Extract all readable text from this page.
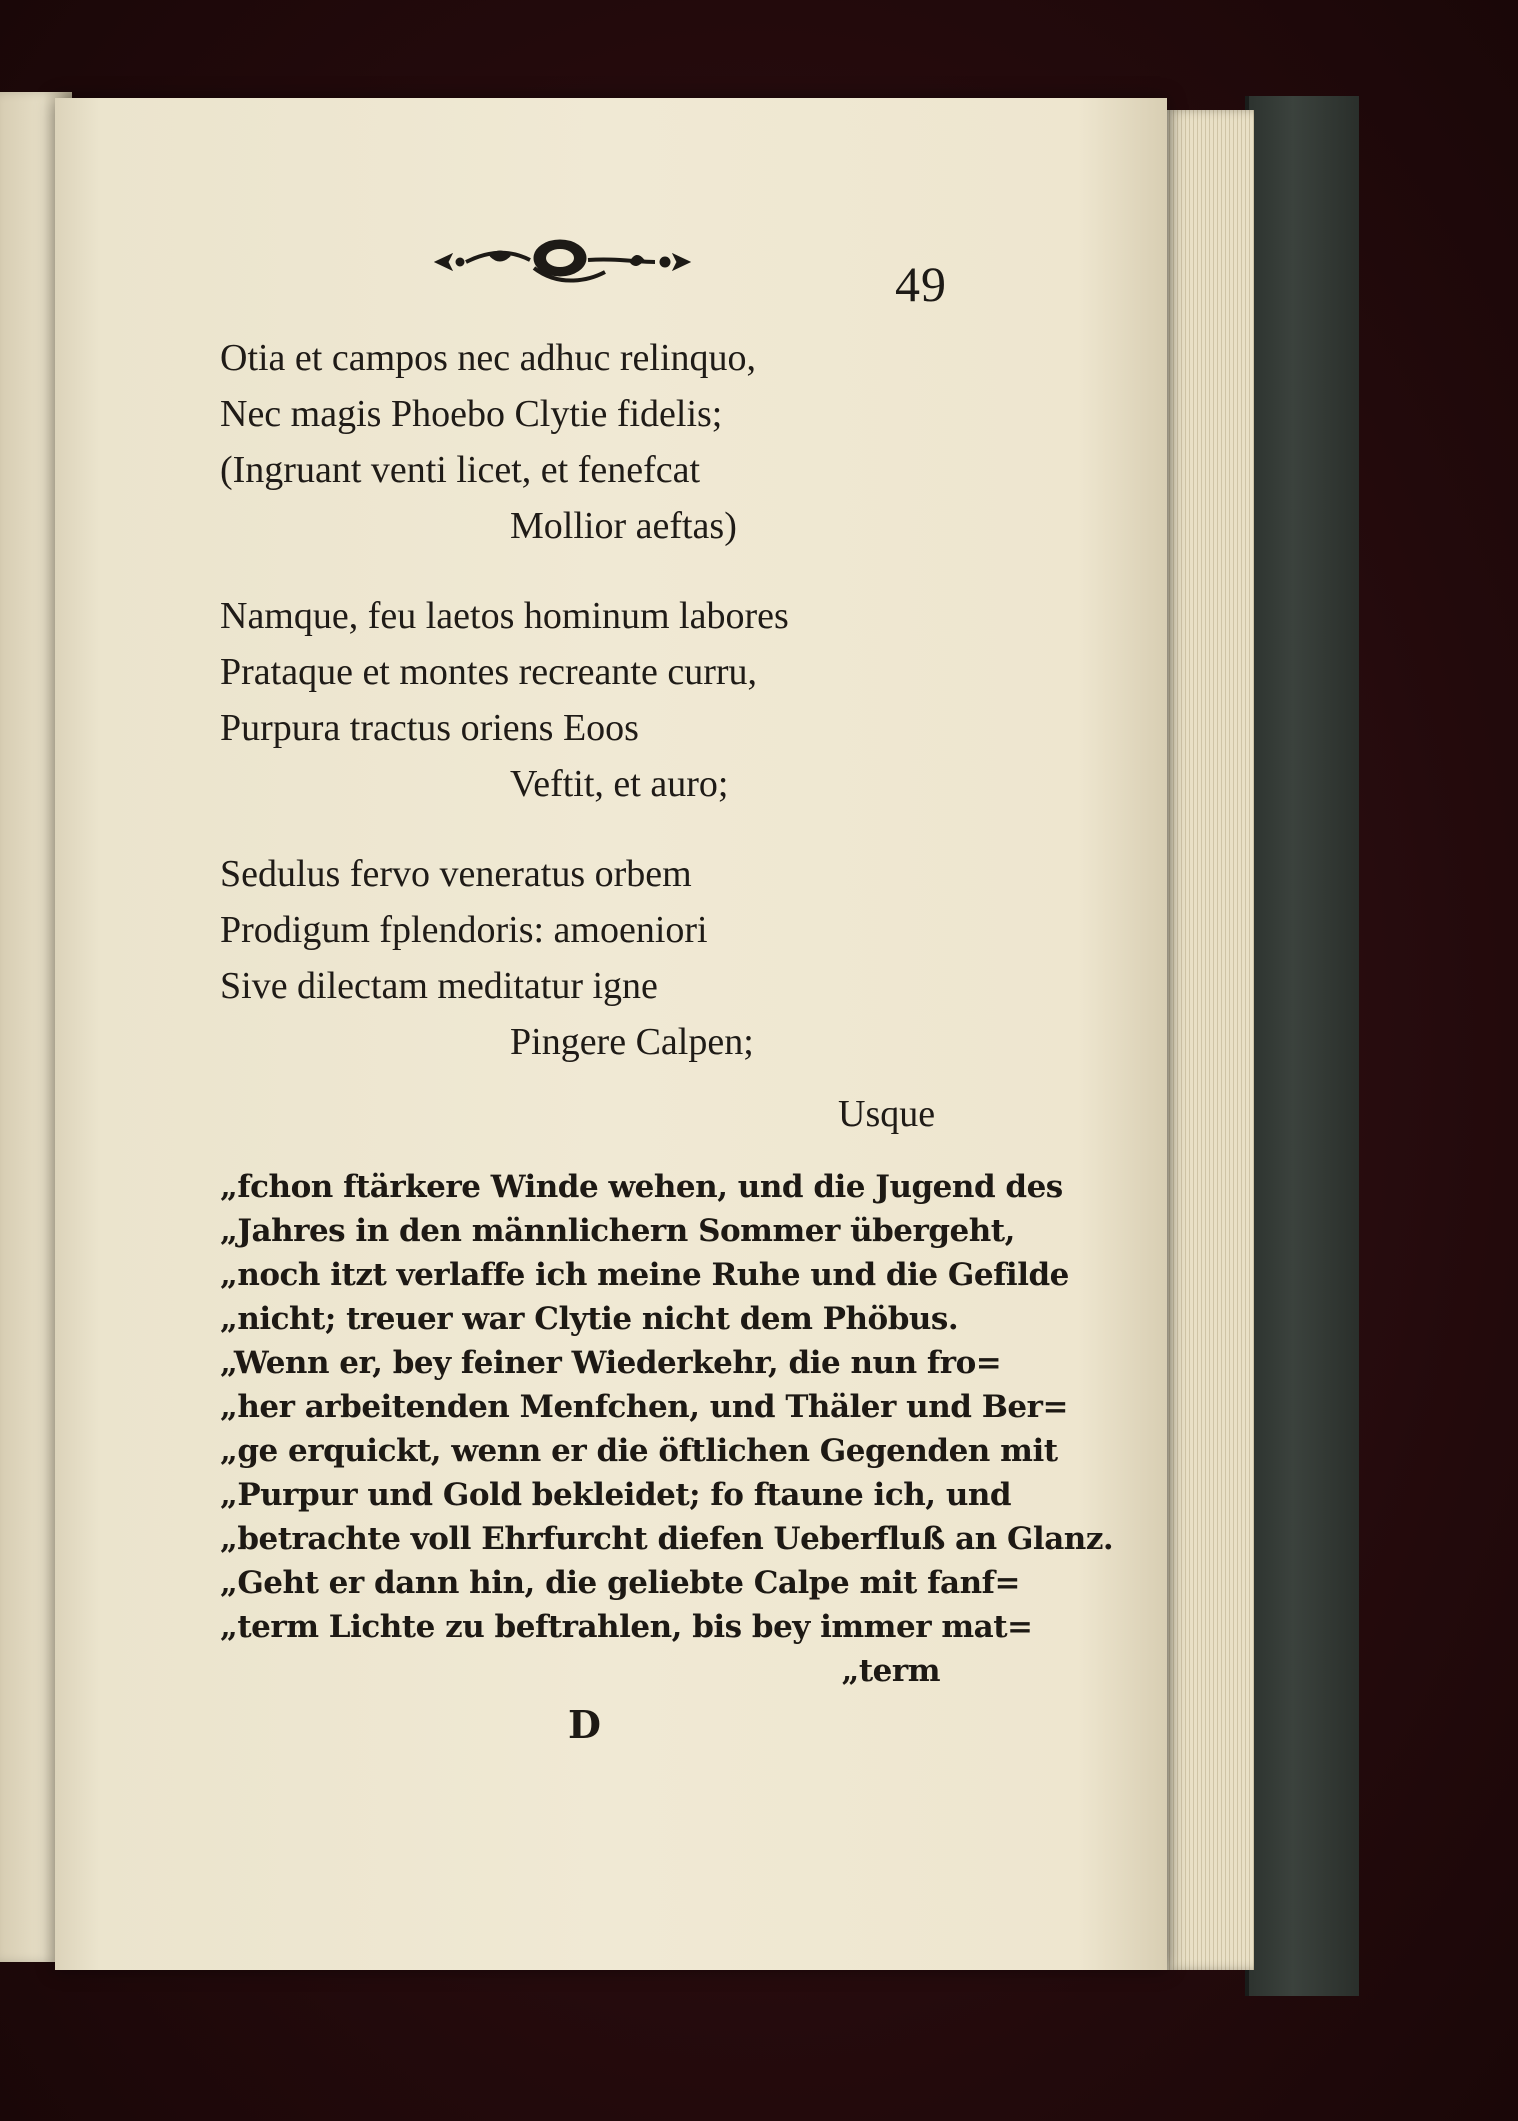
49
Otia et campos nec adhuc relinquo,
Nec magis Phoebo Clytie fidelis;
(Ingruant venti licet, et fenefcat
Mollior aeftas)
Namque, feu laetos hominum labores
Prataque et montes recreante curru,
Purpura tractus oriens Eoos
Veftit, et auro;
Sedulus fervo veneratus orbem
Prodigum fplendoris: amoeniori
Sive dilectam meditatur igne
Pingere Calpen;
Usque
„fchon ftärkere Winde wehen, und die Jugend des
„Jahres in den männlichern Sommer übergeht,
„noch itzt verlaffe ich meine Ruhe und die Gefilde
„nicht; treuer war Clytie nicht dem Phöbus.
„Wenn er, bey feiner Wiederkehr, die nun fro=
„her arbeitenden Menfchen, und Thäler und Ber=
„ge erquickt, wenn er die öftlichen Gegenden mit
„Purpur und Gold bekleidet; fo ftaune ich, und
„betrachte voll Ehrfurcht diefen Ueberfluß an Glanz.
„Geht er dann hin, die geliebte Calpe mit fanf=
„term Lichte zu beftrahlen, bis bey immer mat=
„term
D
